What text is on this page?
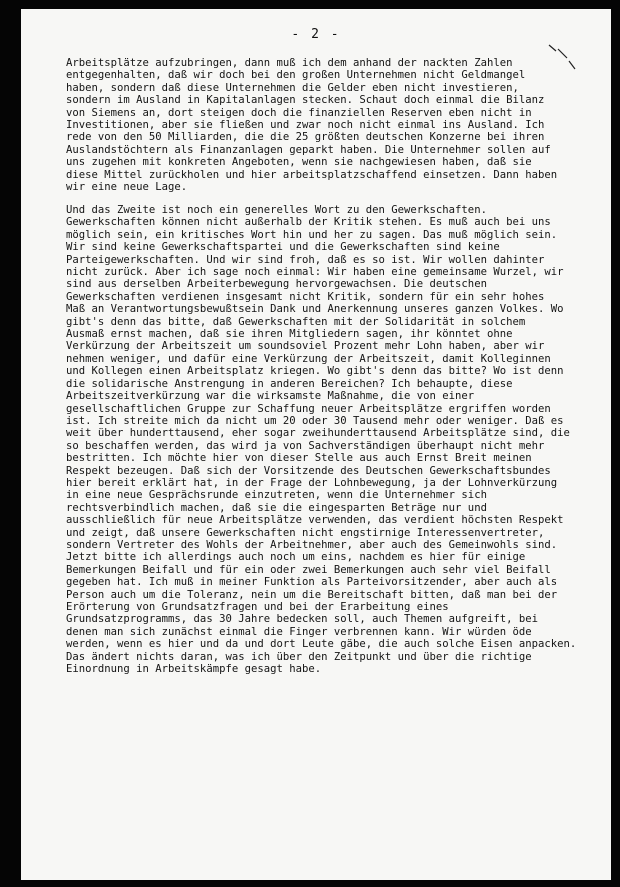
- 2 -
Arbeitsplätze aufzubringen, dann muß ich dem anhand der nackten Zahlen
entgegenhalten, daß wir doch bei den großen Unternehmen nicht Geldmangel
haben, sondern daß diese Unternehmen die Gelder eben nicht investieren,
sondern im Ausland in Kapitalanlagen stecken. Schaut doch einmal die Bilanz
von Siemens an, dort steigen doch die finanziellen Reserven eben nicht in
Investitionen, aber sie fließen und zwar noch nicht einmal ins Ausland. Ich
rede von den 50 Milliarden, die die 25 größten deutschen Konzerne bei ihren
Auslandstöchtern als Finanzanlagen geparkt haben. Die Unternehmer sollen auf
uns zugehen mit konkreten Angeboten, wenn sie nachgewiesen haben, daß sie
diese Mittel zurückholen und hier arbeitsplatzschaffend einsetzen. Dann haben
wir eine neue Lage.
Und das Zweite ist noch ein generelles Wort zu den Gewerkschaften.
Gewerkschaften können nicht außerhalb der Kritik stehen. Es muß auch bei uns
möglich sein, ein kritisches Wort hin und her zu sagen. Das muß möglich sein.
Wir sind keine Gewerkschaftspartei und die Gewerkschaften sind keine
Parteigewerkschaften. Und wir sind froh, daß es so ist. Wir wollen dahinter
nicht zurück. Aber ich sage noch einmal: Wir haben eine gemeinsame Wurzel, wir
sind aus derselben Arbeiterbewegung hervorgewachsen. Die deutschen
Gewerkschaften verdienen insgesamt nicht Kritik, sondern für ein sehr hohes
Maß an Verantwortungsbewußtsein Dank und Anerkennung unseres ganzen Volkes. Wo
gibt's denn das bitte, daß Gewerkschaften mit der Solidarität in solchem
Ausmaß ernst machen, daß sie ihren Mitgliedern sagen, ihr könntet ohne
Verkürzung der Arbeitszeit um soundsoviel Prozent mehr Lohn haben, aber wir
nehmen weniger, und dafür eine Verkürzung der Arbeitszeit, damit Kolleginnen
und Kollegen einen Arbeitsplatz kriegen. Wo gibt's denn das bitte? Wo ist denn
die solidarische Anstrengung in anderen Bereichen? Ich behaupte, diese
Arbeitszeitverkürzung war die wirksamste Maßnahme, die von einer
gesellschaftlichen Gruppe zur Schaffung neuer Arbeitsplätze ergriffen worden
ist. Ich streite mich da nicht um 20 oder 30 Tausend mehr oder weniger. Daß es
weit über hunderttausend, eher sogar zweihunderttausend Arbeitsplätze sind, die
so beschaffen werden, das wird ja von Sachverständigen überhaupt nicht mehr
bestritten. Ich möchte hier von dieser Stelle aus auch Ernst Breit meinen
Respekt bezeugen. Daß sich der Vorsitzende des Deutschen Gewerkschaftsbundes
hier bereit erklärt hat, in der Frage der Lohnbewegung, ja der Lohnverkürzung
in eine neue Gesprächsrunde einzutreten, wenn die Unternehmer sich
rechtsverbindlich machen, daß sie die eingesparten Beträge nur und
ausschließlich für neue Arbeitsplätze verwenden, das verdient höchsten Respekt
und zeigt, daß unsere Gewerkschaften nicht engstirnige Interessenvertreter,
sondern Vertreter des Wohls der Arbeitnehmer, aber auch des Gemeinwohls sind.
Jetzt bitte ich allerdings auch noch um eins, nachdem es hier für einige
Bemerkungen Beifall und für ein oder zwei Bemerkungen auch sehr viel Beifall
gegeben hat. Ich muß in meiner Funktion als Parteivorsitzender, aber auch als
Person auch um die Toleranz, nein um die Bereitschaft bitten, daß man bei der
Erörterung von Grundsatzfragen und bei der Erarbeitung eines
Grundsatzprogramms, das 30 Jahre bedecken soll, auch Themen aufgreift, bei
denen man sich zunächst einmal die Finger verbrennen kann. Wir würden öde
werden, wenn es hier und da und dort Leute gäbe, die auch solche Eisen anpacken.
Das ändert nichts daran, was ich über den Zeitpunkt und über die richtige
Einordnung in Arbeitskämpfe gesagt habe.
